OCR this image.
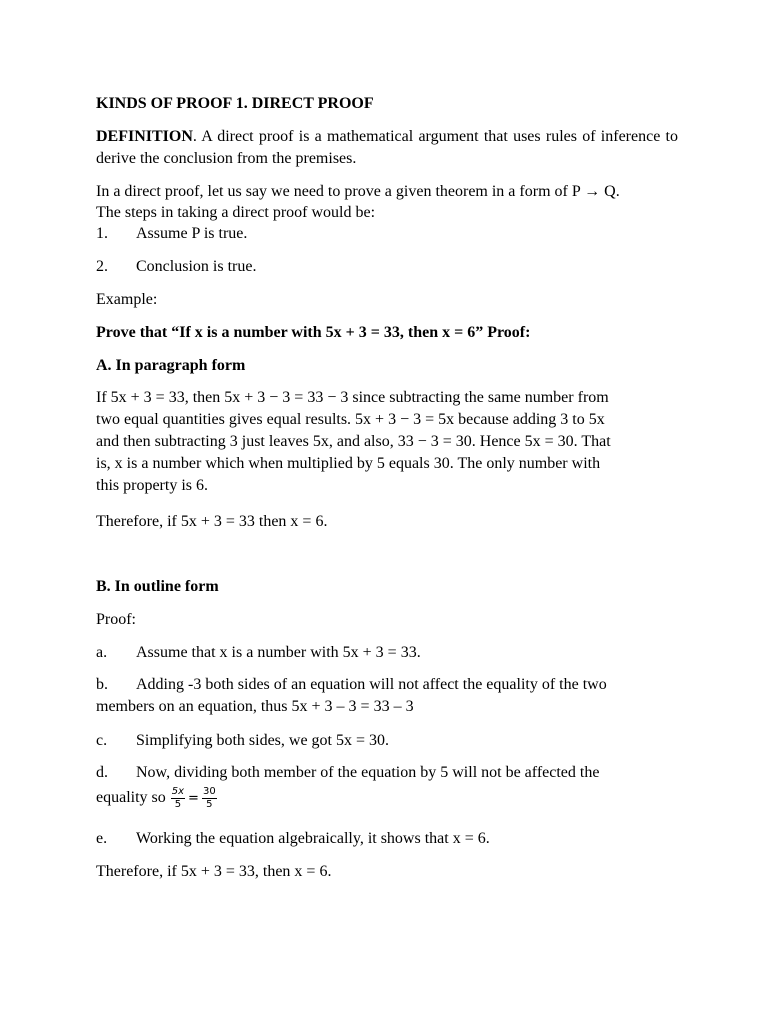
KINDS OF PROOF 1. DIRECT PROOF

DEFINITION. A direct proof is a mathematical argument that uses rules of inference to derive the conclusion from the premises.

In a direct proof, let us say we need to prove a given theorem in a form of P → Q.

The steps in taking a direct proof would be:

1.	Assume P is true.
2.	Conclusion is true.

Example:

Prove that “If x is a number with 5x + 3 = 33, then x = 6” Proof:

A. In paragraph form

If 5x + 3 = 33, then 5x + 3 − 3 = 33 − 3 since subtracting the same number from
two equal quantities gives equal results. 5x + 3 − 3 = 5x because adding 3 to 5x
and then subtracting 3 just leaves 5x, and also, 33 − 3 = 30. Hence 5x = 30. That
is, x is a number which when multiplied by 5 equals 30. The only number with
this property is 6.

Therefore, if 5x + 3 = 33 then x = 6.

B. In outline form

Proof:

a.	Assume that x is a number with 5x + 3 = 33.
b.	Adding -3 both sides of an equation will not affect the equality of the two
members on an equation, thus 5x + 3 – 3 = 33 – 3
c.	Simplifying both sides, we got 5x = 30.
d.	Now, dividing both member of the equation by 5 will not be affected the
equality so $\frac{5x}{5} = \frac{30}{5}$
e.	Working the equation algebraically, it shows that x = 6.

Therefore, if 5x + 3 = 33, then x = 6.
